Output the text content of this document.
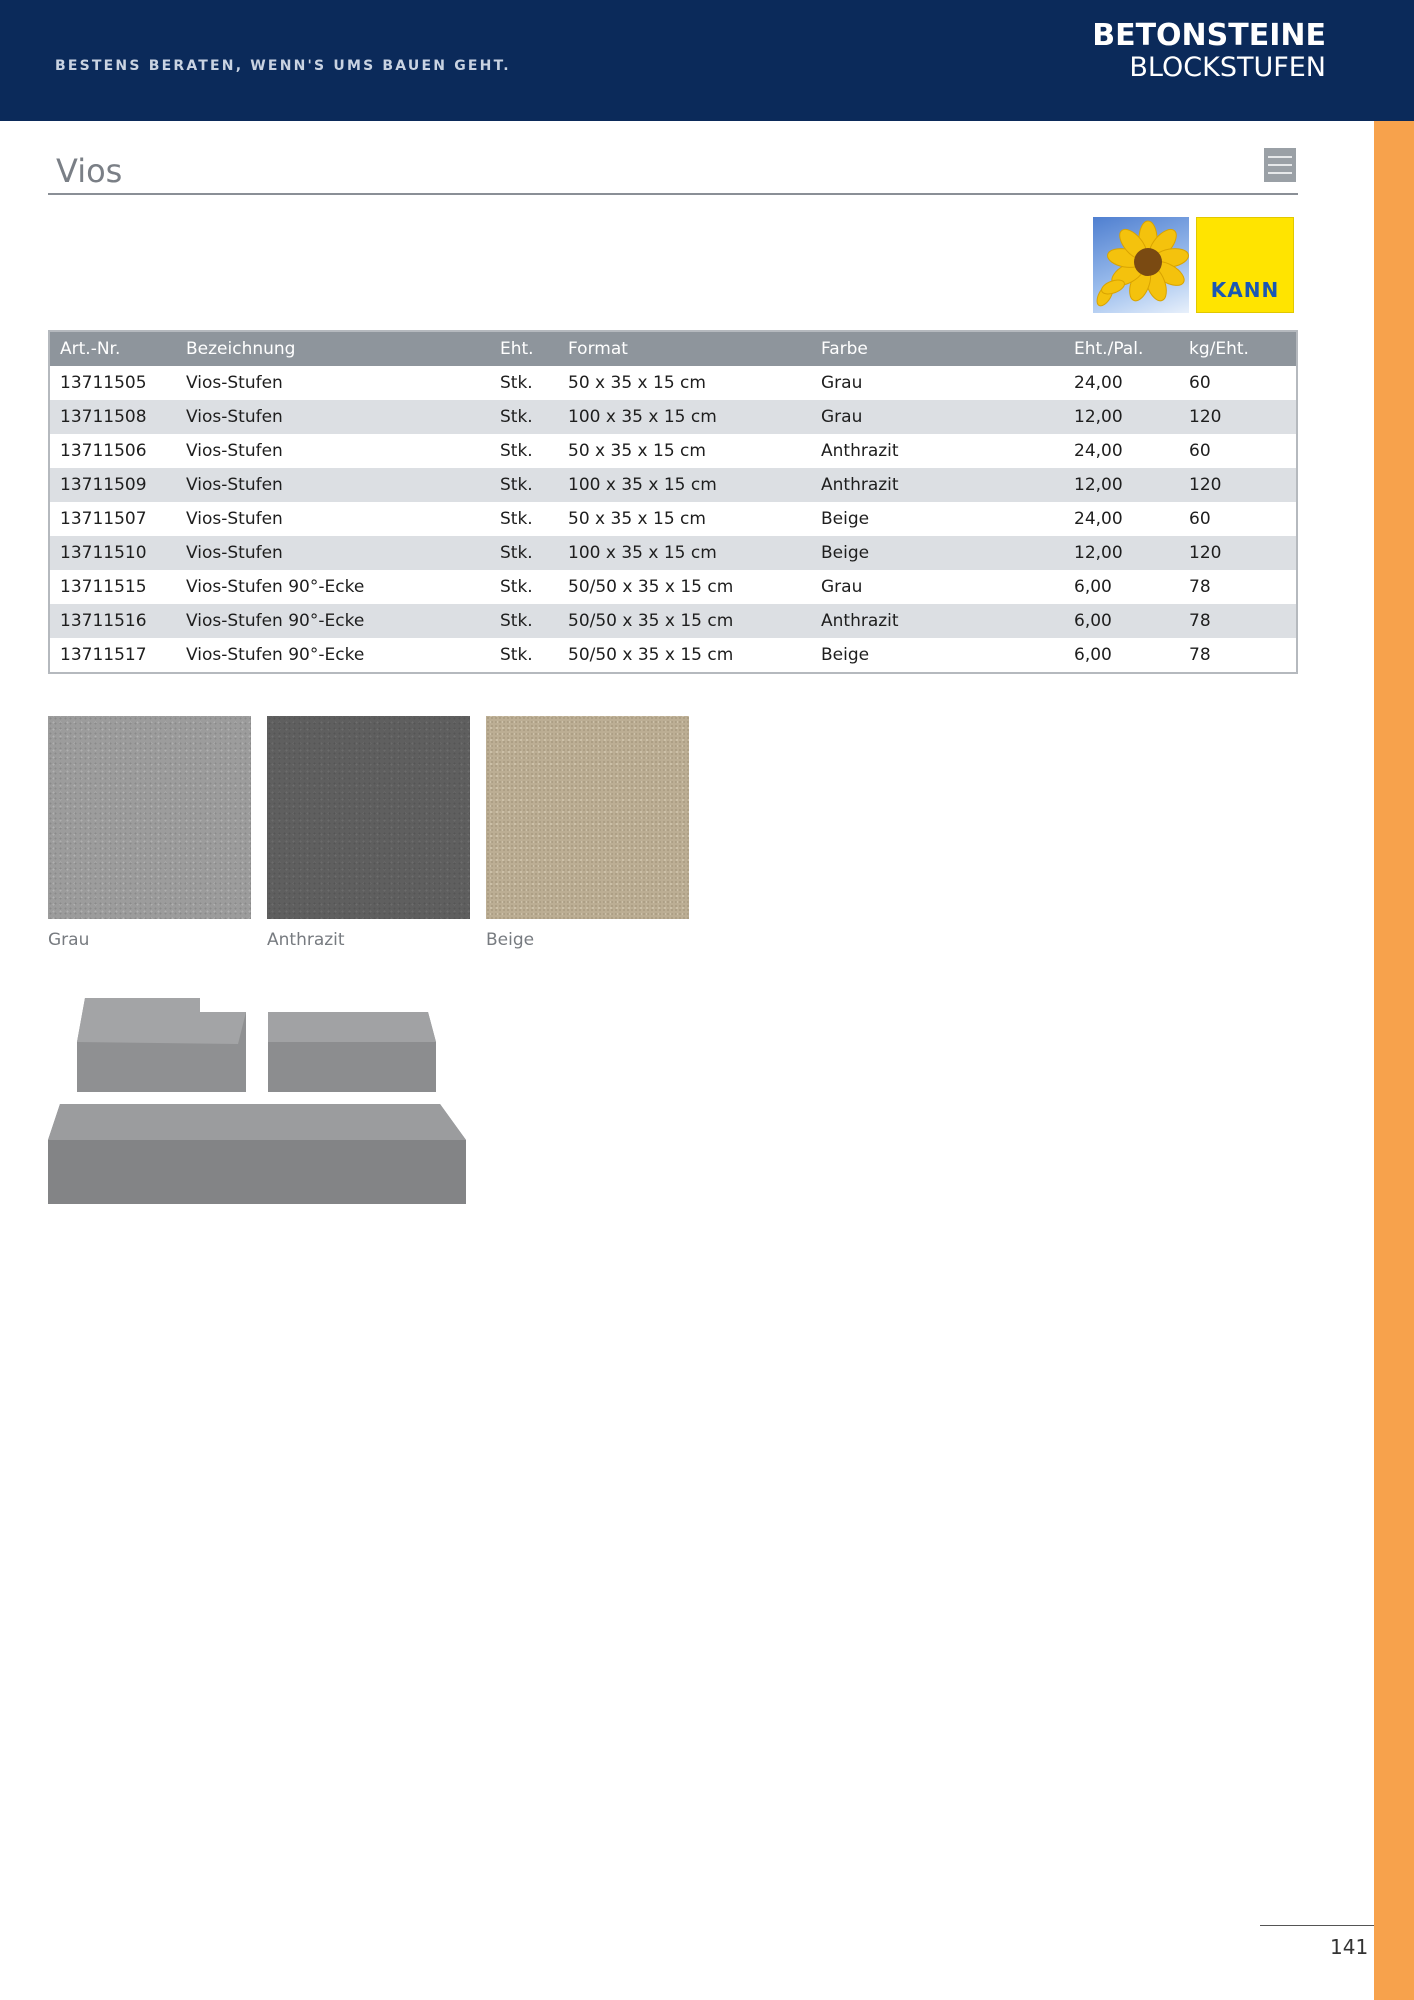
BESTENS BERATEN, WENN'S UMS BAUEN GEHT.
BETONSTEINE
BLOCKSTUFEN
Vios
KANN
Art.-Nr.	Bezeichnung	Eht.	Format	Farbe	Eht./Pal.	kg/Eht.
13711505	Vios-Stufen	Stk.	50 x 35 x 15 cm	Grau	24,00	60
13711508	Vios-Stufen	Stk.	100 x 35 x 15 cm	Grau	12,00	120
13711506	Vios-Stufen	Stk.	50 x 35 x 15 cm	Anthrazit	24,00	60
13711509	Vios-Stufen	Stk.	100 x 35 x 15 cm	Anthrazit	12,00	120
13711507	Vios-Stufen	Stk.	50 x 35 x 15 cm	Beige	24,00	60
13711510	Vios-Stufen	Stk.	100 x 35 x 15 cm	Beige	12,00	120
13711515	Vios-Stufen 90°-Ecke	Stk.	50/50 x 35 x 15 cm	Grau	6,00	78
13711516	Vios-Stufen 90°-Ecke	Stk.	50/50 x 35 x 15 cm	Anthrazit	6,00	78
13711517	Vios-Stufen 90°-Ecke	Stk.	50/50 x 35 x 15 cm	Beige	6,00	78
Grau	Anthrazit	Beige
141
